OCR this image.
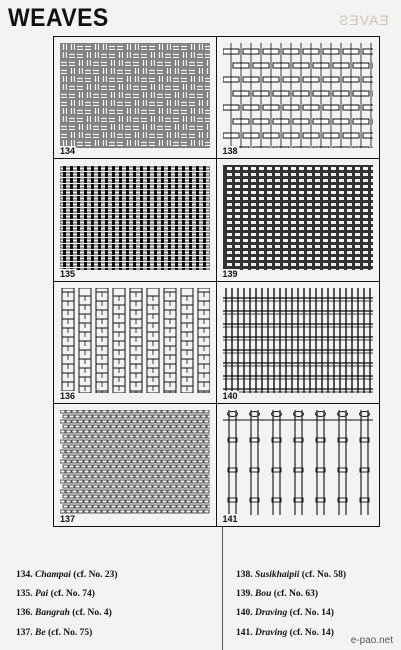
WEAVES	EAVES
134	138
135	139
136	140
137	141
134. Champai (cf. No. 23)
135. Pai (cf. No. 74)
136. Bangrah (cf. No. 4)
137. Be (cf. No. 75)
138. Susikhaipii (cf. No. 58)
139. Bou (cf. No. 63)
140. Draving (cf. No. 14)
141. Draving (cf. No. 14)
e-pao.net
